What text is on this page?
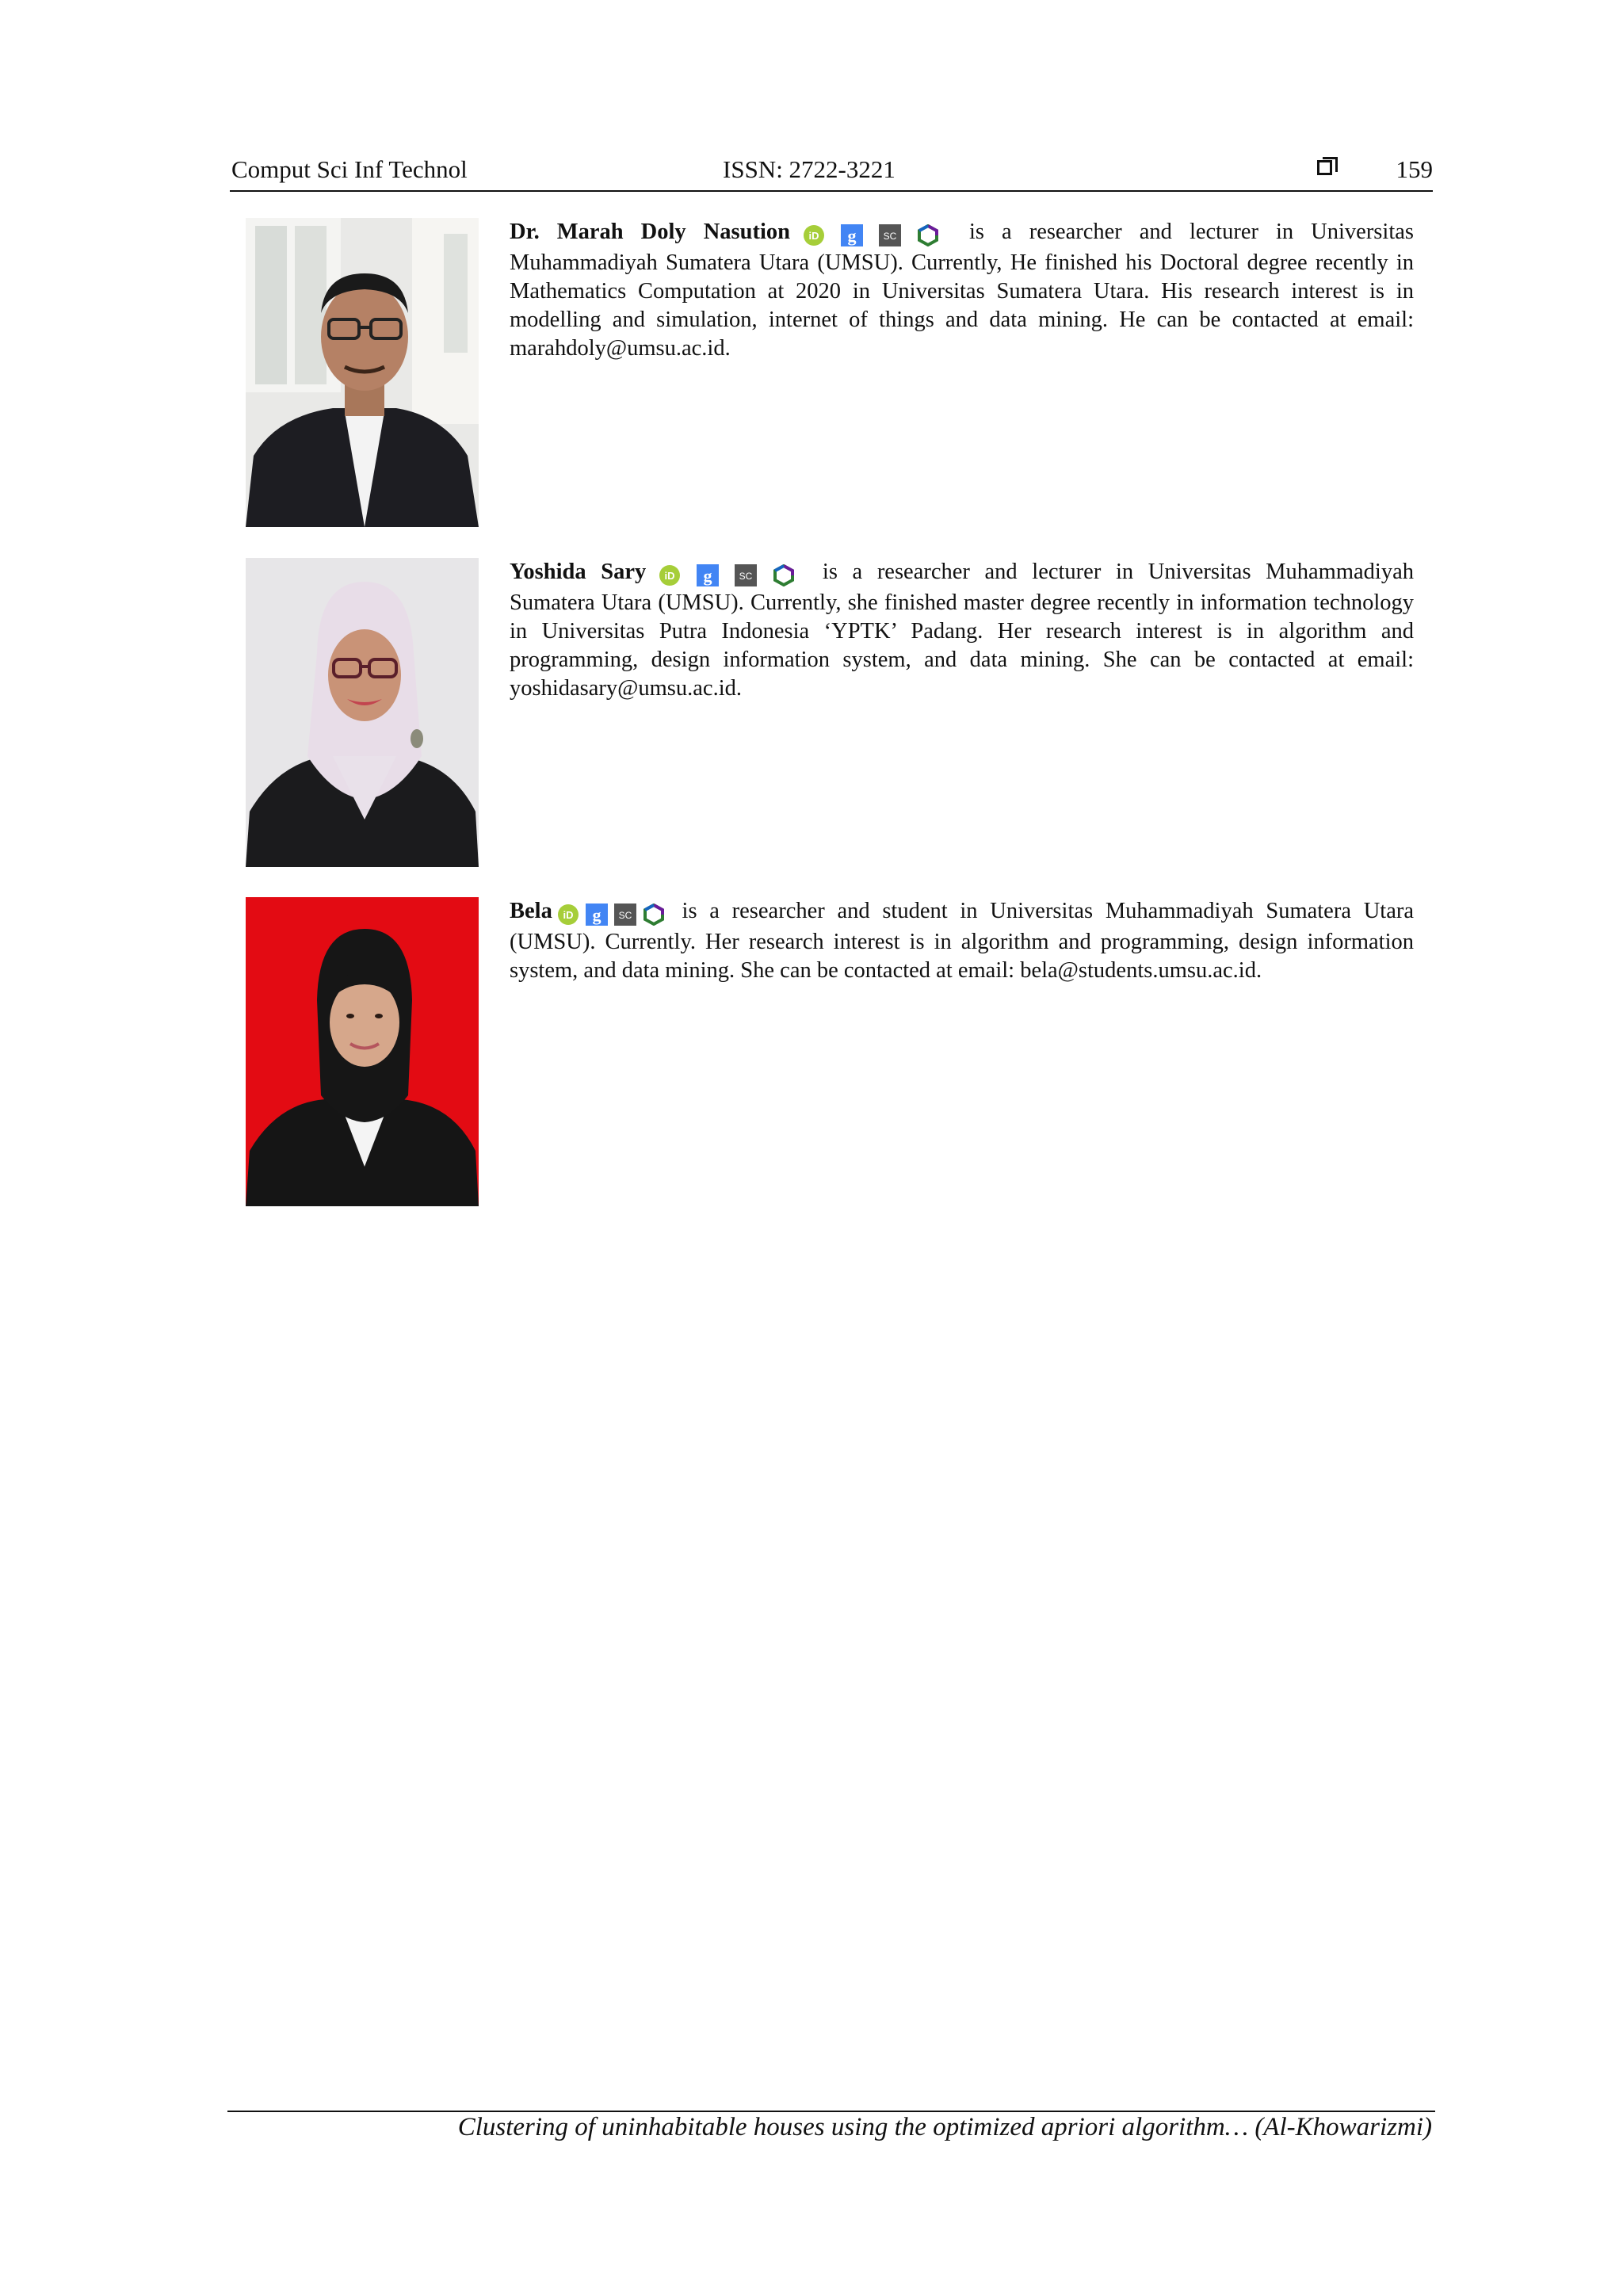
Comput Sci Inf Technol	ISSN: 2722-3221	159
Dr. Marah Doly Nasution iD g	SC is a researcher and lecturer in Universitas Muhammadiyah Sumatera Utara (UMSU). Currently, He finished his Doctoral degree recently in Mathematics Computation at 2020 in Universitas Sumatera Utara. His research interest is in modelling and simulation, internet of things and data mining. He can be contacted at email: marahdoly@umsu.ac.id.
Yoshida Sary iD g	SC is a researcher and lecturer in Universitas Muhammadiyah Sumatera Utara (UMSU). Currently, she finished master degree recently in information technology in Universitas Putra Indonesia ‘YPTK’ Padang. Her research interest is in algorithm and programming, design information system, and data mining. She can be contacted at email: yoshidasary@umsu.ac.id.
Bela iD g SC is a researcher and student in Universitas Muhammadiyah Sumatera Utara (UMSU). Currently. Her research interest is in algorithm and programming, design information system, and data mining. She can be contacted at email: bela@students.umsu.ac.id.
Clustering of uninhabitable houses using the optimized apriori algorithm… (Al-Khowarizmi)
